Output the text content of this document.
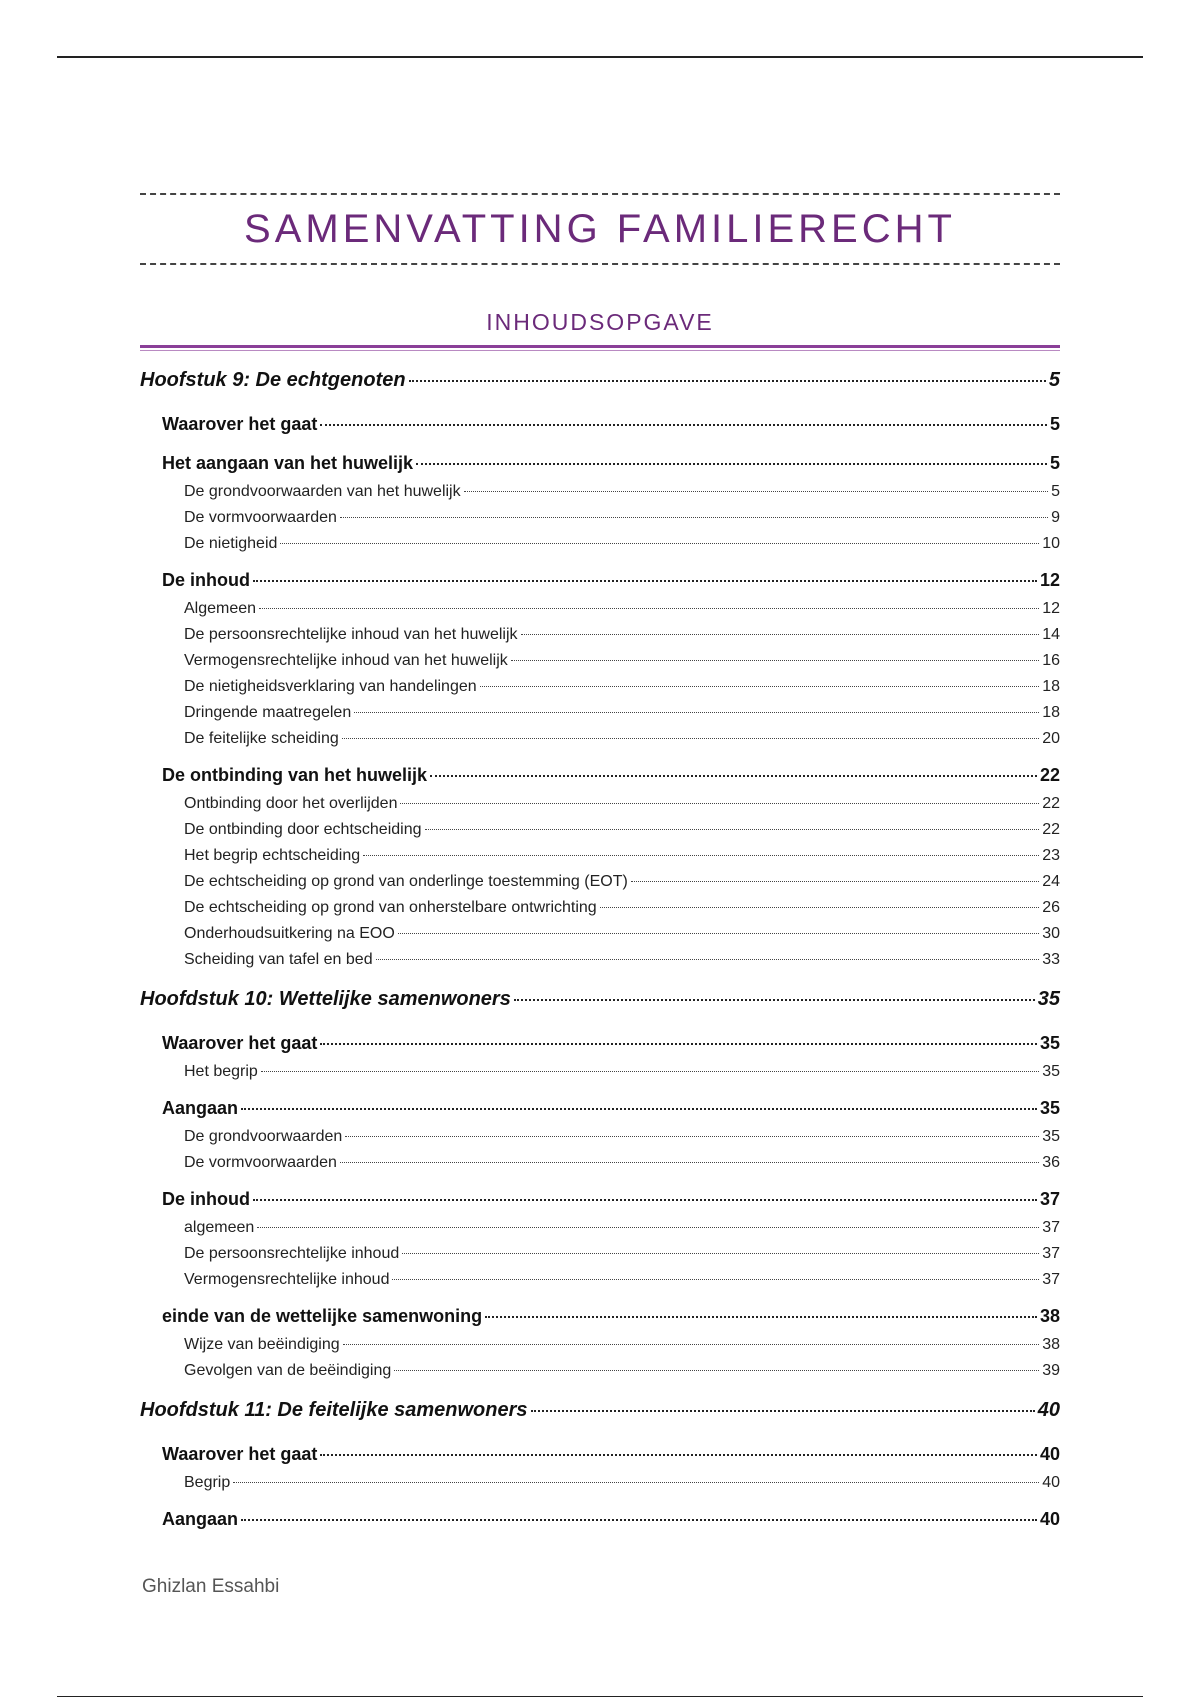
SAMENVATTING FAMILIERECHT
INHOUDSOPGAVE
Hoofstuk 9: De echtgenoten	5
Waarover het gaat	5
Het aangaan van het huwelijk	5
De grondvoorwaarden van het huwelijk	5
De vormvoorwaarden	9
De nietigheid	10
De inhoud	12
Algemeen	12
De persoonsrechtelijke inhoud van het huwelijk	14
Vermogensrechtelijke inhoud van het huwelijk	16
De nietigheidsverklaring van handelingen	18
Dringende maatregelen	18
De feitelijke scheiding	20
De ontbinding van het huwelijk	22
Ontbinding door het overlijden	22
De ontbinding door echtscheiding	22
Het begrip echtscheiding	23
De echtscheiding op grond van onderlinge toestemming (EOT)	24
De echtscheiding op grond van onherstelbare ontwrichting	26
Onderhoudsuitkering na EOO	30
Scheiding van tafel en bed	33
Hoofdstuk 10: Wettelijke samenwoners	35
Waarover het gaat	35
Het begrip	35
Aangaan	35
De grondvoorwaarden	35
De vormvoorwaarden	36
De inhoud	37
algemeen	37
De persoonsrechtelijke inhoud	37
Vermogensrechtelijke inhoud	37
einde van de wettelijke samenwoning	38
Wijze van beëindiging	38
Gevolgen van de beëindiging	39
Hoofdstuk 11: De feitelijke samenwoners	40
Waarover het gaat	40
Begrip	40
Aangaan	40
Ghizlan Essahbi
